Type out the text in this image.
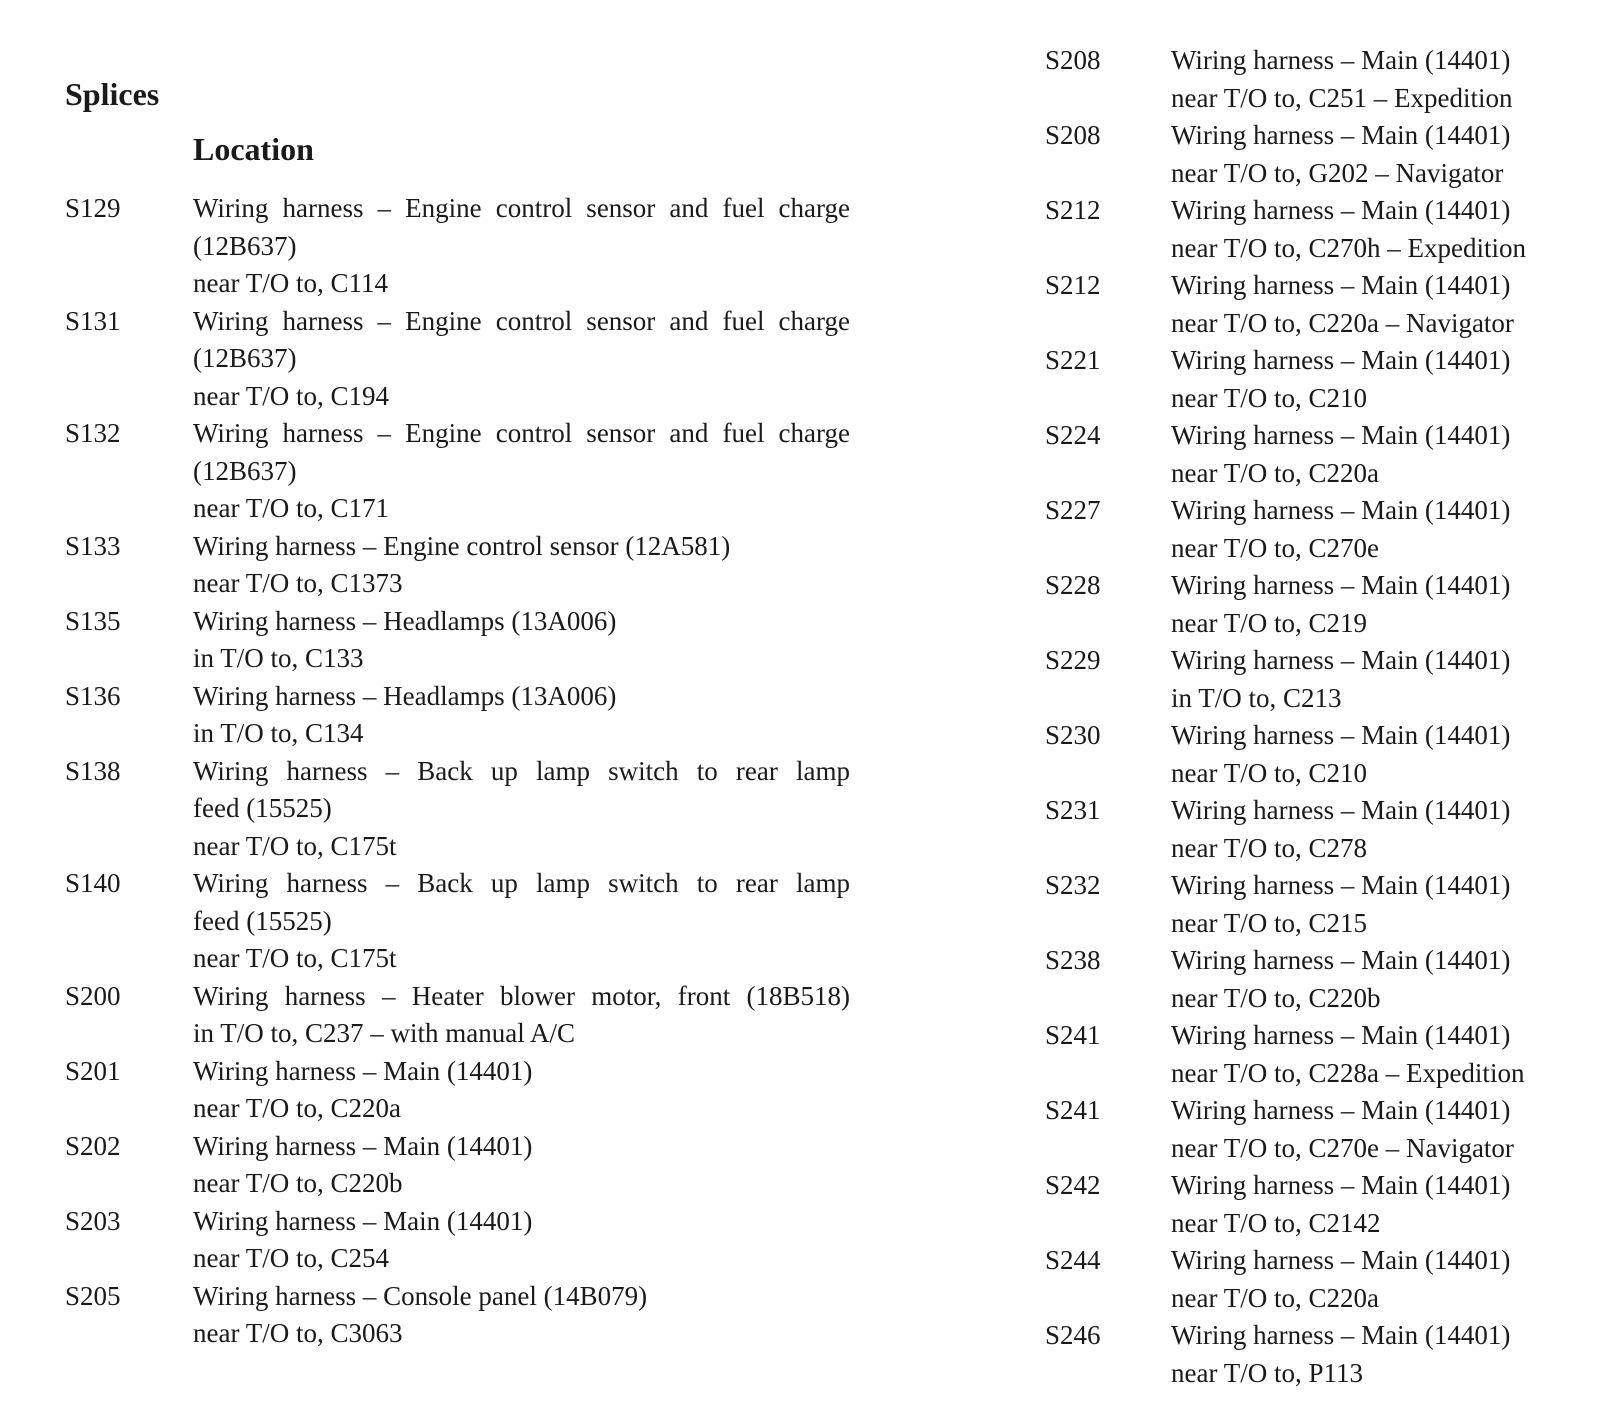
Splices
Location
S129	Wiring harness – Engine control sensor and fuel charge
(12B637)
near T/O to, C114
S131	Wiring harness – Engine control sensor and fuel charge
(12B637)
near T/O to, C194
S132	Wiring harness – Engine control sensor and fuel charge
(12B637)
near T/O to, C171
S133	Wiring harness – Engine control sensor (12A581)
near T/O to, C1373
S135	Wiring harness – Headlamps (13A006)
in T/O to, C133
S136	Wiring harness – Headlamps (13A006)
in T/O to, C134
S138	Wiring harness – Back up lamp switch to rear lamp
feed (15525)
near T/O to, C175t
S140	Wiring harness – Back up lamp switch to rear lamp
feed (15525)
near T/O to, C175t
S200	Wiring harness – Heater blower motor, front (18B518)
in T/O to, C237 – with manual A/C
S201	Wiring harness – Main (14401)
near T/O to, C220a
S202	Wiring harness – Main (14401)
near T/O to, C220b
S203	Wiring harness – Main (14401)
near T/O to, C254
S205	Wiring harness – Console panel (14B079)
near T/O to, C3063
S208	Wiring harness – Main (14401)
near T/O to, C251 – Expedition
S208	Wiring harness – Main (14401)
near T/O to, G202 – Navigator
S212	Wiring harness – Main (14401)
near T/O to, C270h – Expedition
S212	Wiring harness – Main (14401)
near T/O to, C220a – Navigator
S221	Wiring harness – Main (14401)
near T/O to, C210
S224	Wiring harness – Main (14401)
near T/O to, C220a
S227	Wiring harness – Main (14401)
near T/O to, C270e
S228	Wiring harness – Main (14401)
near T/O to, C219
S229	Wiring harness – Main (14401)
in T/O to, C213
S230	Wiring harness – Main (14401)
near T/O to, C210
S231	Wiring harness – Main (14401)
near T/O to, C278
S232	Wiring harness – Main (14401)
near T/O to, C215
S238	Wiring harness – Main (14401)
near T/O to, C220b
S241	Wiring harness – Main (14401)
near T/O to, C228a – Expedition
S241	Wiring harness – Main (14401)
near T/O to, C270e – Navigator
S242	Wiring harness – Main (14401)
near T/O to, C2142
S244	Wiring harness – Main (14401)
near T/O to, C220a
S246	Wiring harness – Main (14401)
near T/O to, P113
